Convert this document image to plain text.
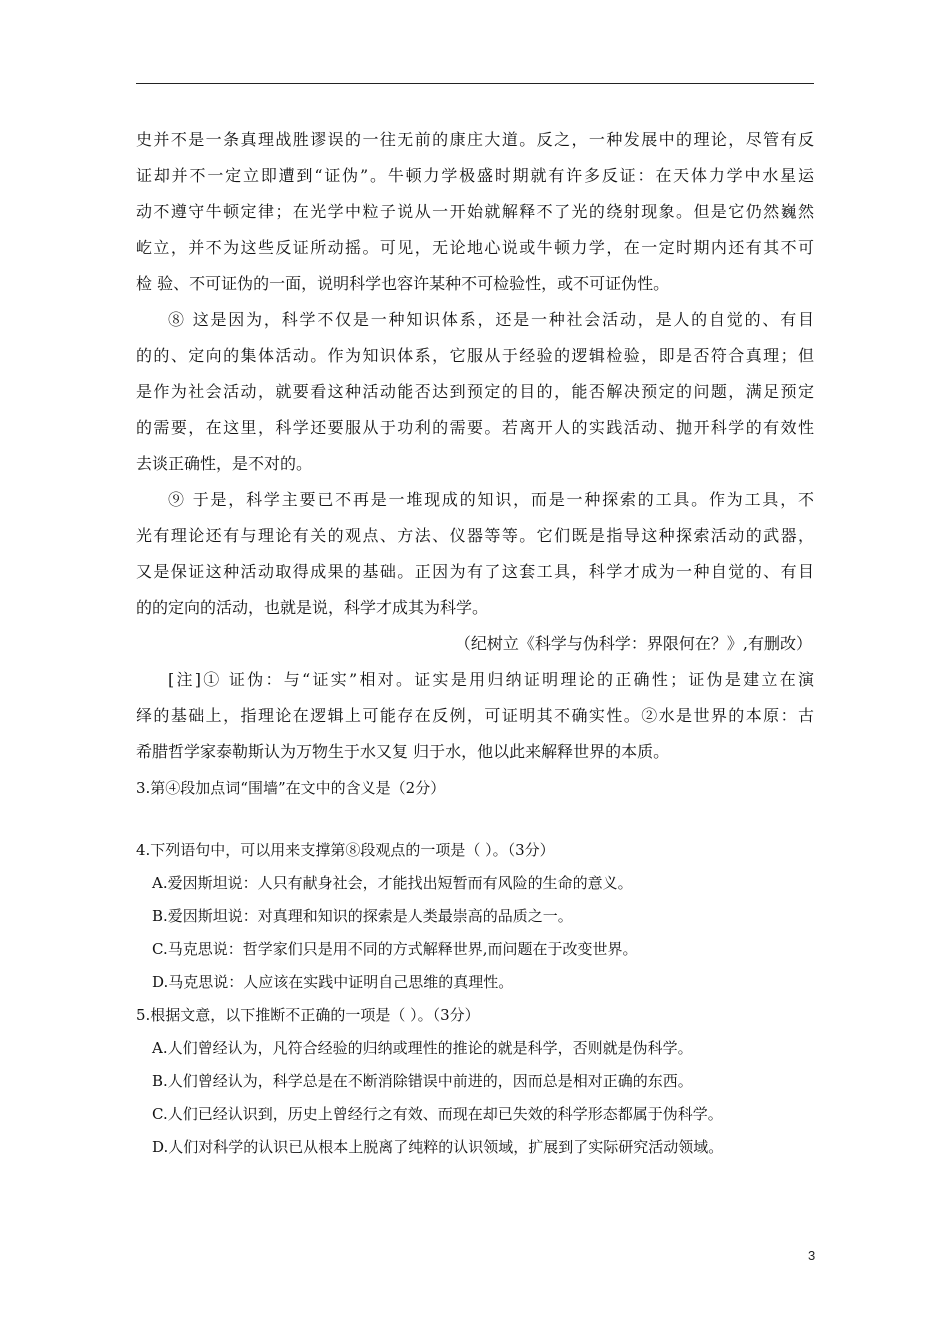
史并不是一条真理战胜谬误的一往无前的康庄大道。反之，一种发展中的理论，尽管有反

证却并不一定立即遭到“证伪”。牛顿力学极盛时期就有许多反证：在天体力学中水星运

动不遵守牛顿定律；在光学中粒子说从一开始就解释不了光的绕射现象。但是它仍然巍然

屹立，并不为这些反证所动摇。可见，无论地心说或牛顿力学，在一定时期内还有其不可

检 验、不可证伪的一面，说明科学也容许某种不可检验性，或不可证伪性。

⑧ 这是因为，科学不仅是一种知识体系，还是一种社会活动，是人的自觉的、有目

的的、定向的集体活动。作为知识体系，它服从于经验的逻辑检验，即是否符合真理；但

是作为社会活动，就要看这种活动能否达到预定的目的，能否解决预定的问题，满足预定

的需要，在这里，科学还要服从于功利的需要。若离开人的实践活动、抛开科学的有效性

去谈正确性，是不对的。

⑨ 于是，科学主要已不再是一堆现成的知识，而是一种探索的工具。作为工具，不

光有理论还有与理论有关的观点、方法、仪器等等。它们既是指导这种探索活动的武器，

又是保证这种活动取得成果的基础。正因为有了这套工具，科学才成为一种自觉的、有目

的的定向的活动，也就是说，科学才成其为科学。

（纪树立《科学与伪科学：界限何在？》,有删改）

[注]① 证伪：与“证实”相对。证实是用归纳证明理论的正确性；证伪是建立在演

绎的基础上，指理论在逻辑上可能存在反例，可证明其不确实性。②水是世界的本原：古

希腊哲学家泰勒斯认为万物生于水又复 归于水，他以此来解释世界的本质。

3.第④段加点词“围墙”在文中的含义是（2分）

4.下列语句中，可以用来支撑第⑧段观点的一项是（ ）。（3分）

A.爱因斯坦说：人只有献身社会，才能找出短暂而有风险的生命的意义。

B.爱因斯坦说：对真理和知识的探索是人类最崇高的品质之一。

C.马克思说：哲学家们只是用不同的方式解释世界,而问题在于改变世界。

D.马克思说：人应该在实践中证明自己思维的真理性。

5.根据文意，以下推断不正确的一项是（ ）。（3分）

A.人们曾经认为，凡符合经验的归纳或理性的推论的就是科学，否则就是伪科学。

B.人们曾经认为，科学总是在不断消除错误中前进的，因而总是相对正确的东西。

C.人们已经认识到，历史上曾经行之有效、而现在却已失效的科学形态都属于伪科学。

D.人们对科学的认识已从根本上脱离了纯粹的认识领域，扩展到了实际研究活动领域。

3
